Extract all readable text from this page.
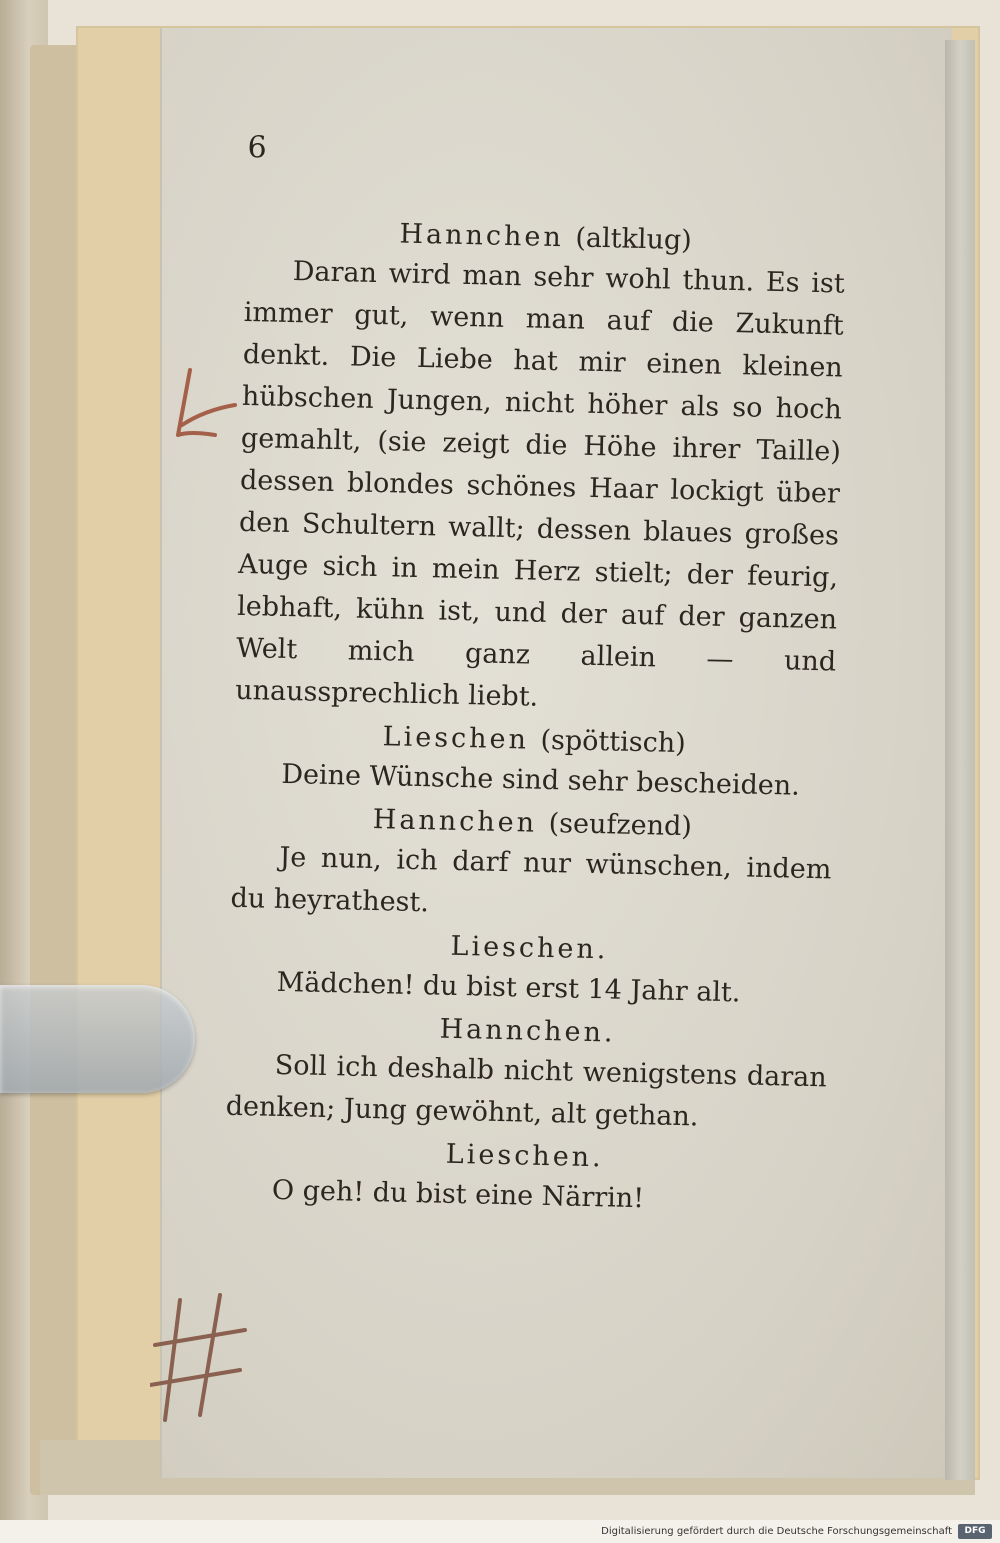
6
Hannchen (altklug)
Daran wird man sehr wohl thun. Es ist immer gut, wenn man auf die Zukunft denkt. Die Liebe hat mir einen kleinen hübschen Jungen, nicht höher als so hoch gemahlt, (sie zeigt die Höhe ihrer Taille) dessen blondes schönes Haar lockigt über den Schultern wallt; dessen blaues großes Auge sich in mein Herz stielt; der feurig, lebhaft, kühn ist, und der auf der ganzen Welt mich ganz allein — und unaussprechlich liebt.
Lieschen (spöttisch)
Deine Wünsche sind sehr bescheiden.
Hannchen (seufzend)
Je nun, ich darf nur wünschen, indem du heyrathest.
Lieschen.
Mädchen! du bist erst 14 Jahr alt.
Hannchen.
Soll ich deshalb nicht wenigstens daran denken; Jung gewöhnt, alt gethan.
Lieschen.
O geh! du bist eine Närrin!
Digitalisierung gefördert durch die Deutsche Forschungsgemeinschaft	DFG
